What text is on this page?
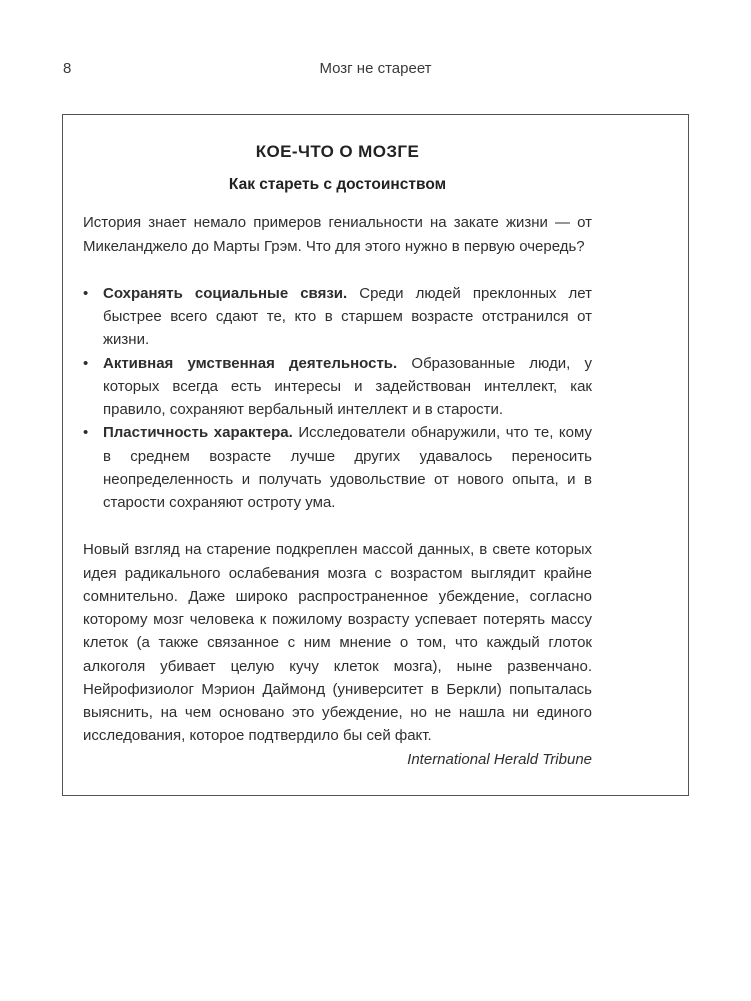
8	Мозг не стареет
КОЕ-ЧТО О МОЗГЕ
Как стареть с достоинством

История знает немало примеров гениальности на закате жизни — от Микеланджело до Марты Грэм. Что для этого нужно в первую очередь?

• Сохранять социальные связи. Среди людей преклонных лет быстрее всего сдают те, кто в старшем возрасте отстранился от жизни.
• Активная умственная деятельность. Образованные люди, у которых всегда есть интересы и задействован интеллект, как правило, сохраняют вербальный интеллект и в старости.
• Пластичность характера. Исследователи обнаружили, что те, кому в среднем возрасте лучше других удавалось переносить неопределенность и получать удовольствие от нового опыта, и в старости сохраняют остроту ума.

Новый взгляд на старение подкреплен массой данных, в свете которых идея радикального ослабевания мозга с возрастом выглядит крайне сомнительно. Даже широко распространенное убеждение, согласно которому мозг человека к пожилому возрасту успевает потерять массу клеток (а также связанное с ним мнение о том, что каждый глоток алкоголя убивает целую кучу клеток мозга), ныне развенчано. Нейрофизиолог Мэрион Даймонд (университет в Беркли) попыталась выяснить, на чем основано это убеждение, но не нашла ни единого исследования, которое подтвердило бы сей факт.

International Herald Tribune
